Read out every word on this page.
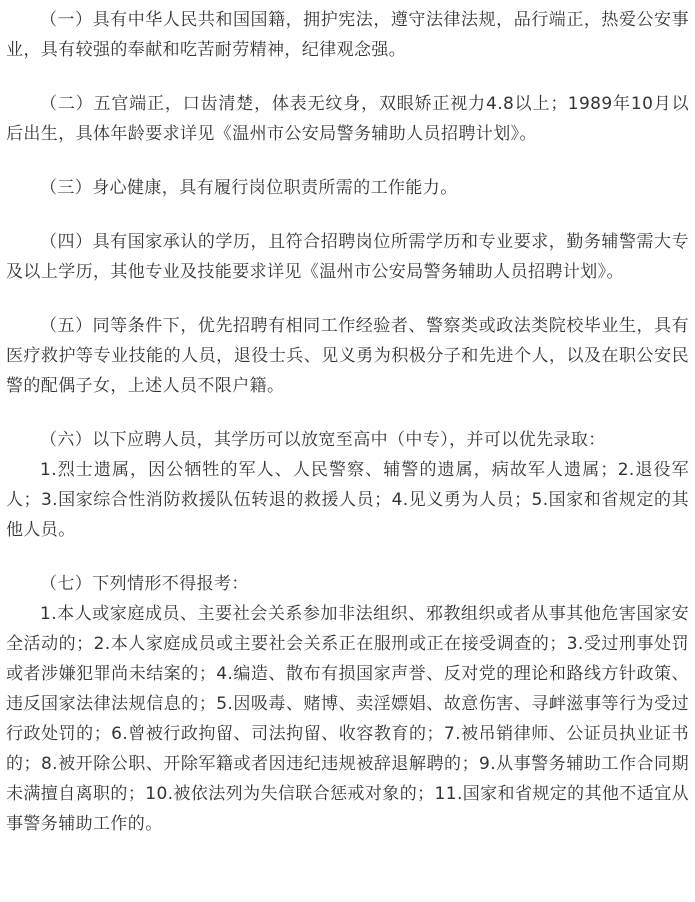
（一）具有中华人民共和国国籍，拥护宪法，遵守法律法规，品行端正，热爱公安事业，具有较强的奉献和吃苦耐劳精神，纪律观念强。

（二）五官端正，口齿清楚，体表无纹身，双眼矫正视力4.8以上；1989年10月以后出生，具体年龄要求详见《温州市公安局警务辅助人员招聘计划》。

（三）身心健康，具有履行岗位职责所需的工作能力。

（四）具有国家承认的学历，且符合招聘岗位所需学历和专业要求，勤务辅警需大专及以上学历，其他专业及技能要求详见《温州市公安局警务辅助人员招聘计划》。

（五）同等条件下，优先招聘有相同工作经验者、警察类或政法类院校毕业生，具有医疗救护等专业技能的人员，退役士兵、见义勇为积极分子和先进个人，以及在职公安民警的配偶子女，上述人员不限户籍。

（六）以下应聘人员，其学历可以放宽至高中（中专），并可以优先录取：

1.烈士遗属，因公牺牲的军人、人民警察、辅警的遗属，病故军人遗属；2.退役军人；3.国家综合性消防救援队伍转退的救援人员；4.见义勇为人员；5.国家和省规定的其他人员。

（七）下列情形不得报考：

1.本人或家庭成员、主要社会关系参加非法组织、邪教组织或者从事其他危害国家安全活动的；2.本人家庭成员或主要社会关系正在服刑或正在接受调查的；3.受过刑事处罚或者涉嫌犯罪尚未结案的；4.编造、散布有损国家声誉、反对党的理论和路线方针政策、违反国家法律法规信息的；5.因吸毒、赌博、卖淫嫖娼、故意伤害、寻衅滋事等行为受过行政处罚的；6.曾被行政拘留、司法拘留、收容教育的；7.被吊销律师、公证员执业证书的；8.被开除公职、开除军籍或者因违纪违规被辞退解聘的；9.从事警务辅助工作合同期未满擅自离职的；10.被依法列为失信联合惩戒对象的；11.国家和省规定的其他不适宜从事警务辅助工作的。
